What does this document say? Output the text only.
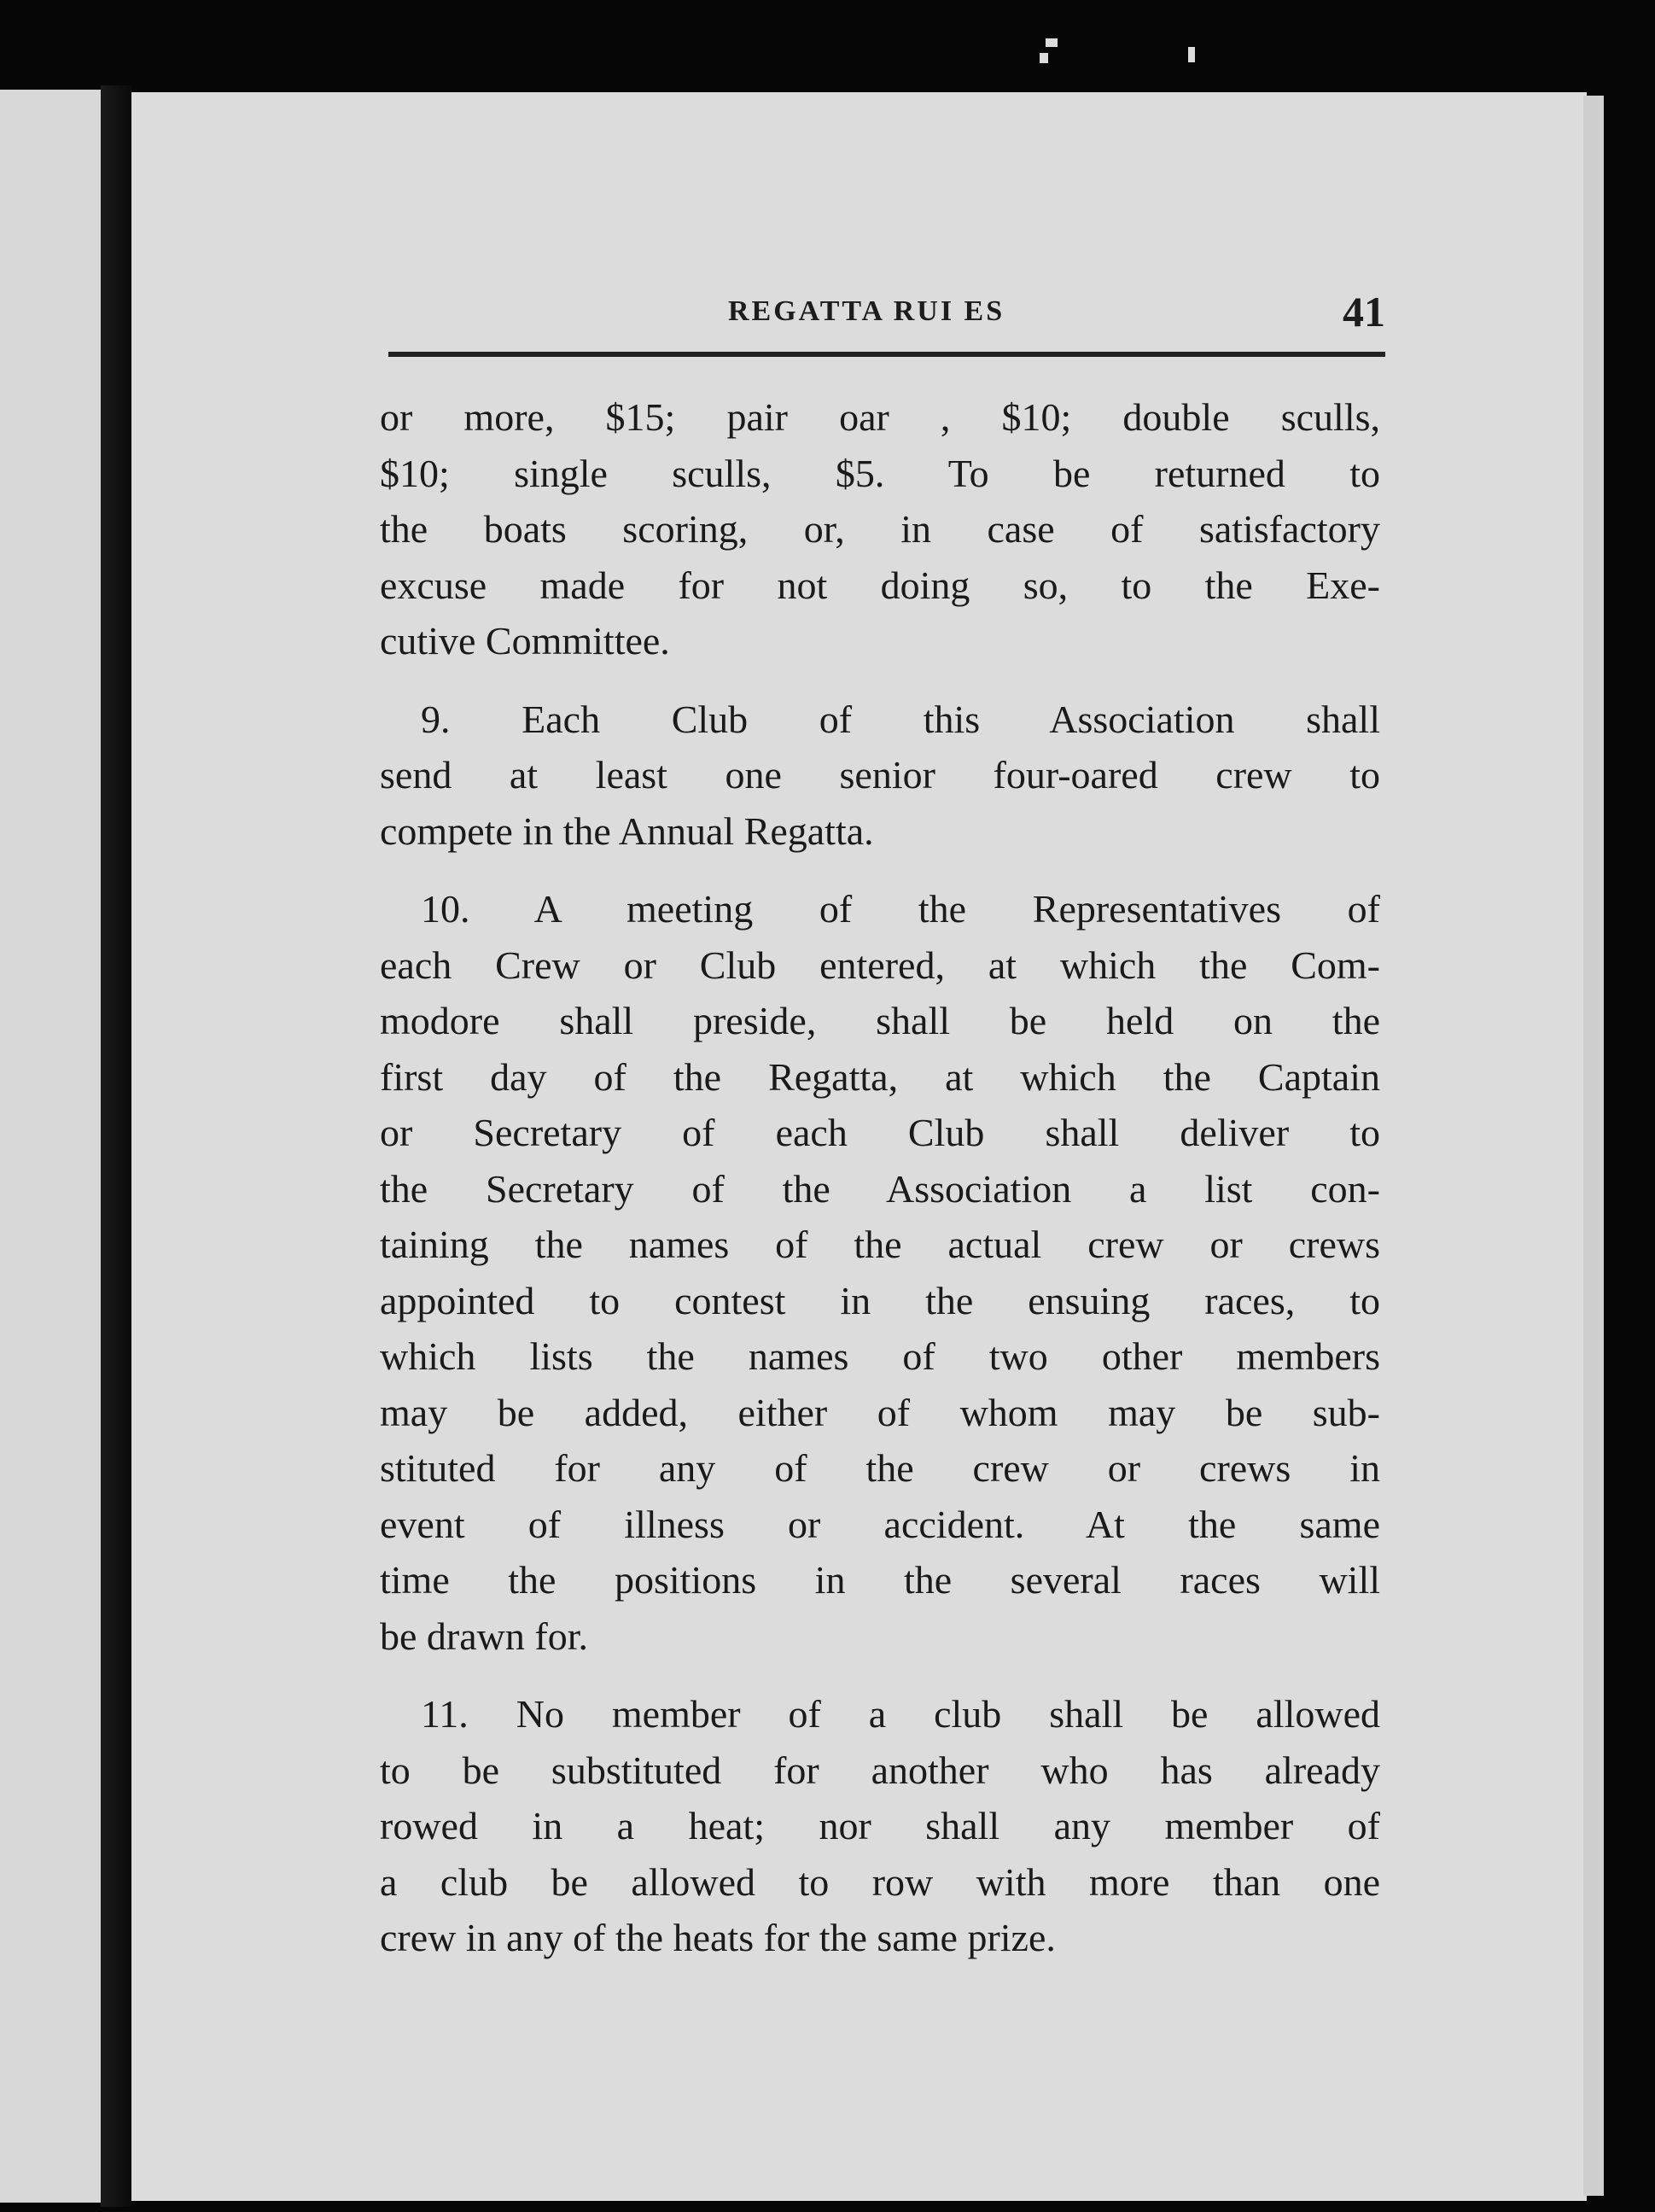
REGATTA RUI ES	41
or more, $15; pair oar , $10; double sculls,
$10; single sculls, $5. To be returned to
the boats scoring, or, in case of satisfactory
excuse made for not doing so, to the Exe-
cutive Committee.
9. Each Club of this Association shall
send at least one senior four-oared crew to
compete in the Annual Regatta.
10. A meeting of the Representatives of
each Crew or Club entered, at which the Com-
modore shall preside, shall be held on the
first day of the Regatta, at which the Captain
or Secretary of each Club shall deliver to
the Secretary of the Association a list con-
taining the names of the actual crew or crews
appointed to contest in the ensuing races, to
which lists the names of two other members
may be added, either of whom may be sub-
stituted for any of the crew or crews in
event of illness or accident. At the same
time the positions in the several races will
be drawn for.
11. No member of a club shall be allowed
to be substituted for another who has already
rowed in a heat; nor shall any member of
a club be allowed to row with more than one
crew in any of the heats for the same prize.
